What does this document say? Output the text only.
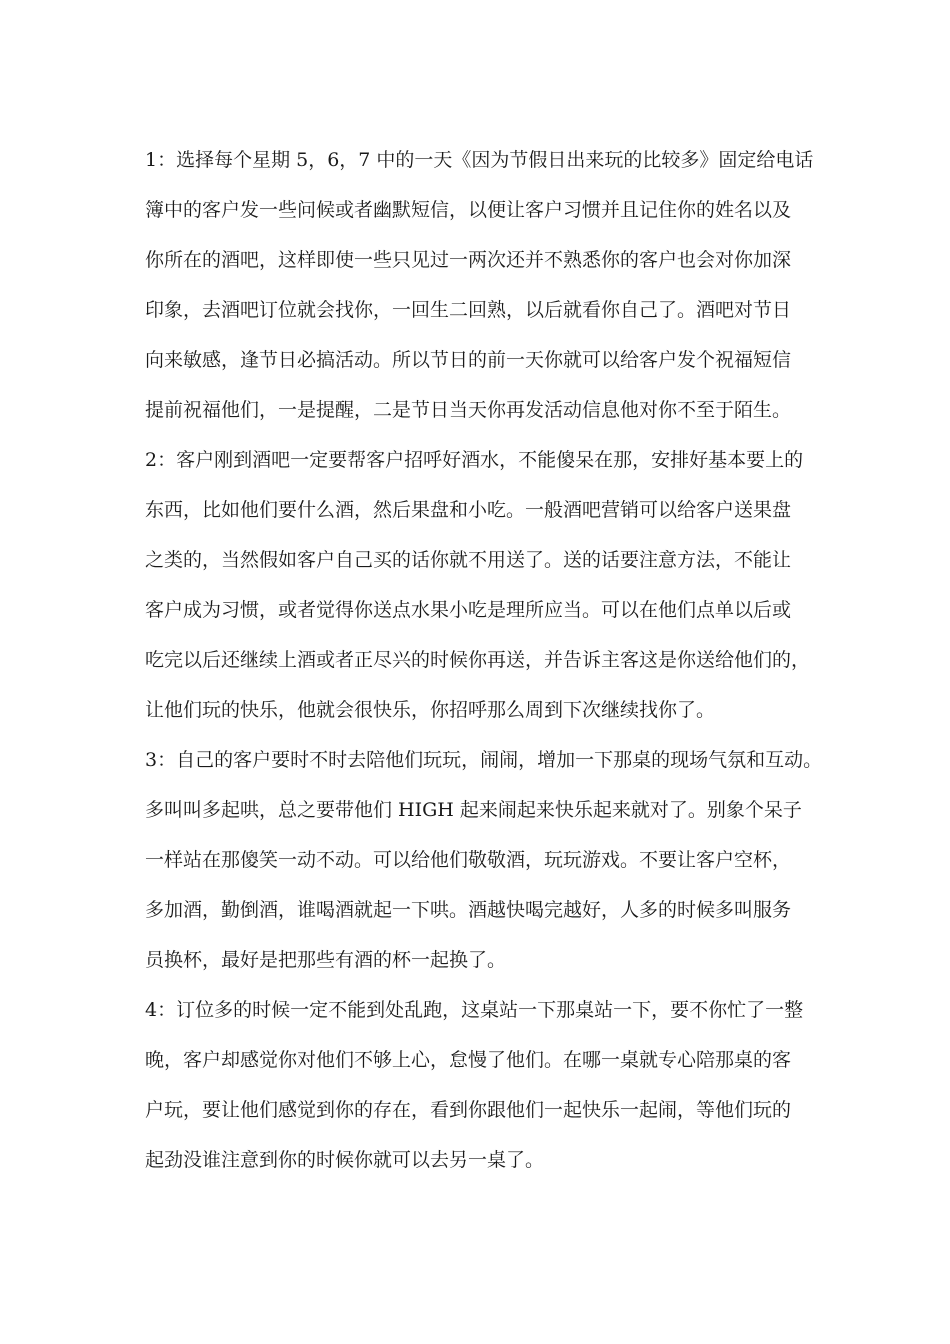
1：选择每个星期 5，6，7 中的一天《因为节假日出来玩的比较多》固定给电话
簿中的客户发一些问候或者幽默短信，以便让客户习惯并且记住你的姓名以及
你所在的酒吧，这样即使一些只见过一两次还并不熟悉你的客户也会对你加深
印象，去酒吧订位就会找你，一回生二回熟，以后就看你自己了。酒吧对节日
向来敏感，逢节日必搞活动。所以节日的前一天你就可以给客户发个祝福短信
提前祝福他们，一是提醒，二是节日当天你再发活动信息他对你不至于陌生。
2：客户刚到酒吧一定要帮客户招呼好酒水，不能傻呆在那，安排好基本要上的
东西，比如他们要什么酒，然后果盘和小吃。一般酒吧营销可以给客户送果盘
之类的，当然假如客户自己买的话你就不用送了。送的话要注意方法，不能让
客户成为习惯，或者觉得你送点水果小吃是理所应当。可以在他们点单以后或
吃完以后还继续上酒或者正尽兴的时候你再送，并告诉主客这是你送给他们的，
让他们玩的快乐，他就会很快乐，你招呼那么周到下次继续找你了。
3：自己的客户要时不时去陪他们玩玩，闹闹，增加一下那桌的现场气氛和互动。
多叫叫多起哄，总之要带他们 HIGH 起来闹起来快乐起来就对了。别象个呆子
一样站在那傻笑一动不动。可以给他们敬敬酒，玩玩游戏。不要让客户空杯，
多加酒，勤倒酒，谁喝酒就起一下哄。酒越快喝完越好，人多的时候多叫服务
员换杯，最好是把那些有酒的杯一起换了。
4：订位多的时候一定不能到处乱跑，这桌站一下那桌站一下，要不你忙了一整
晚，客户却感觉你对他们不够上心，怠慢了他们。在哪一桌就专心陪那桌的客
户玩，要让他们感觉到你的存在，看到你跟他们一起快乐一起闹，等他们玩的
起劲没谁注意到你的时候你就可以去另一桌了。
